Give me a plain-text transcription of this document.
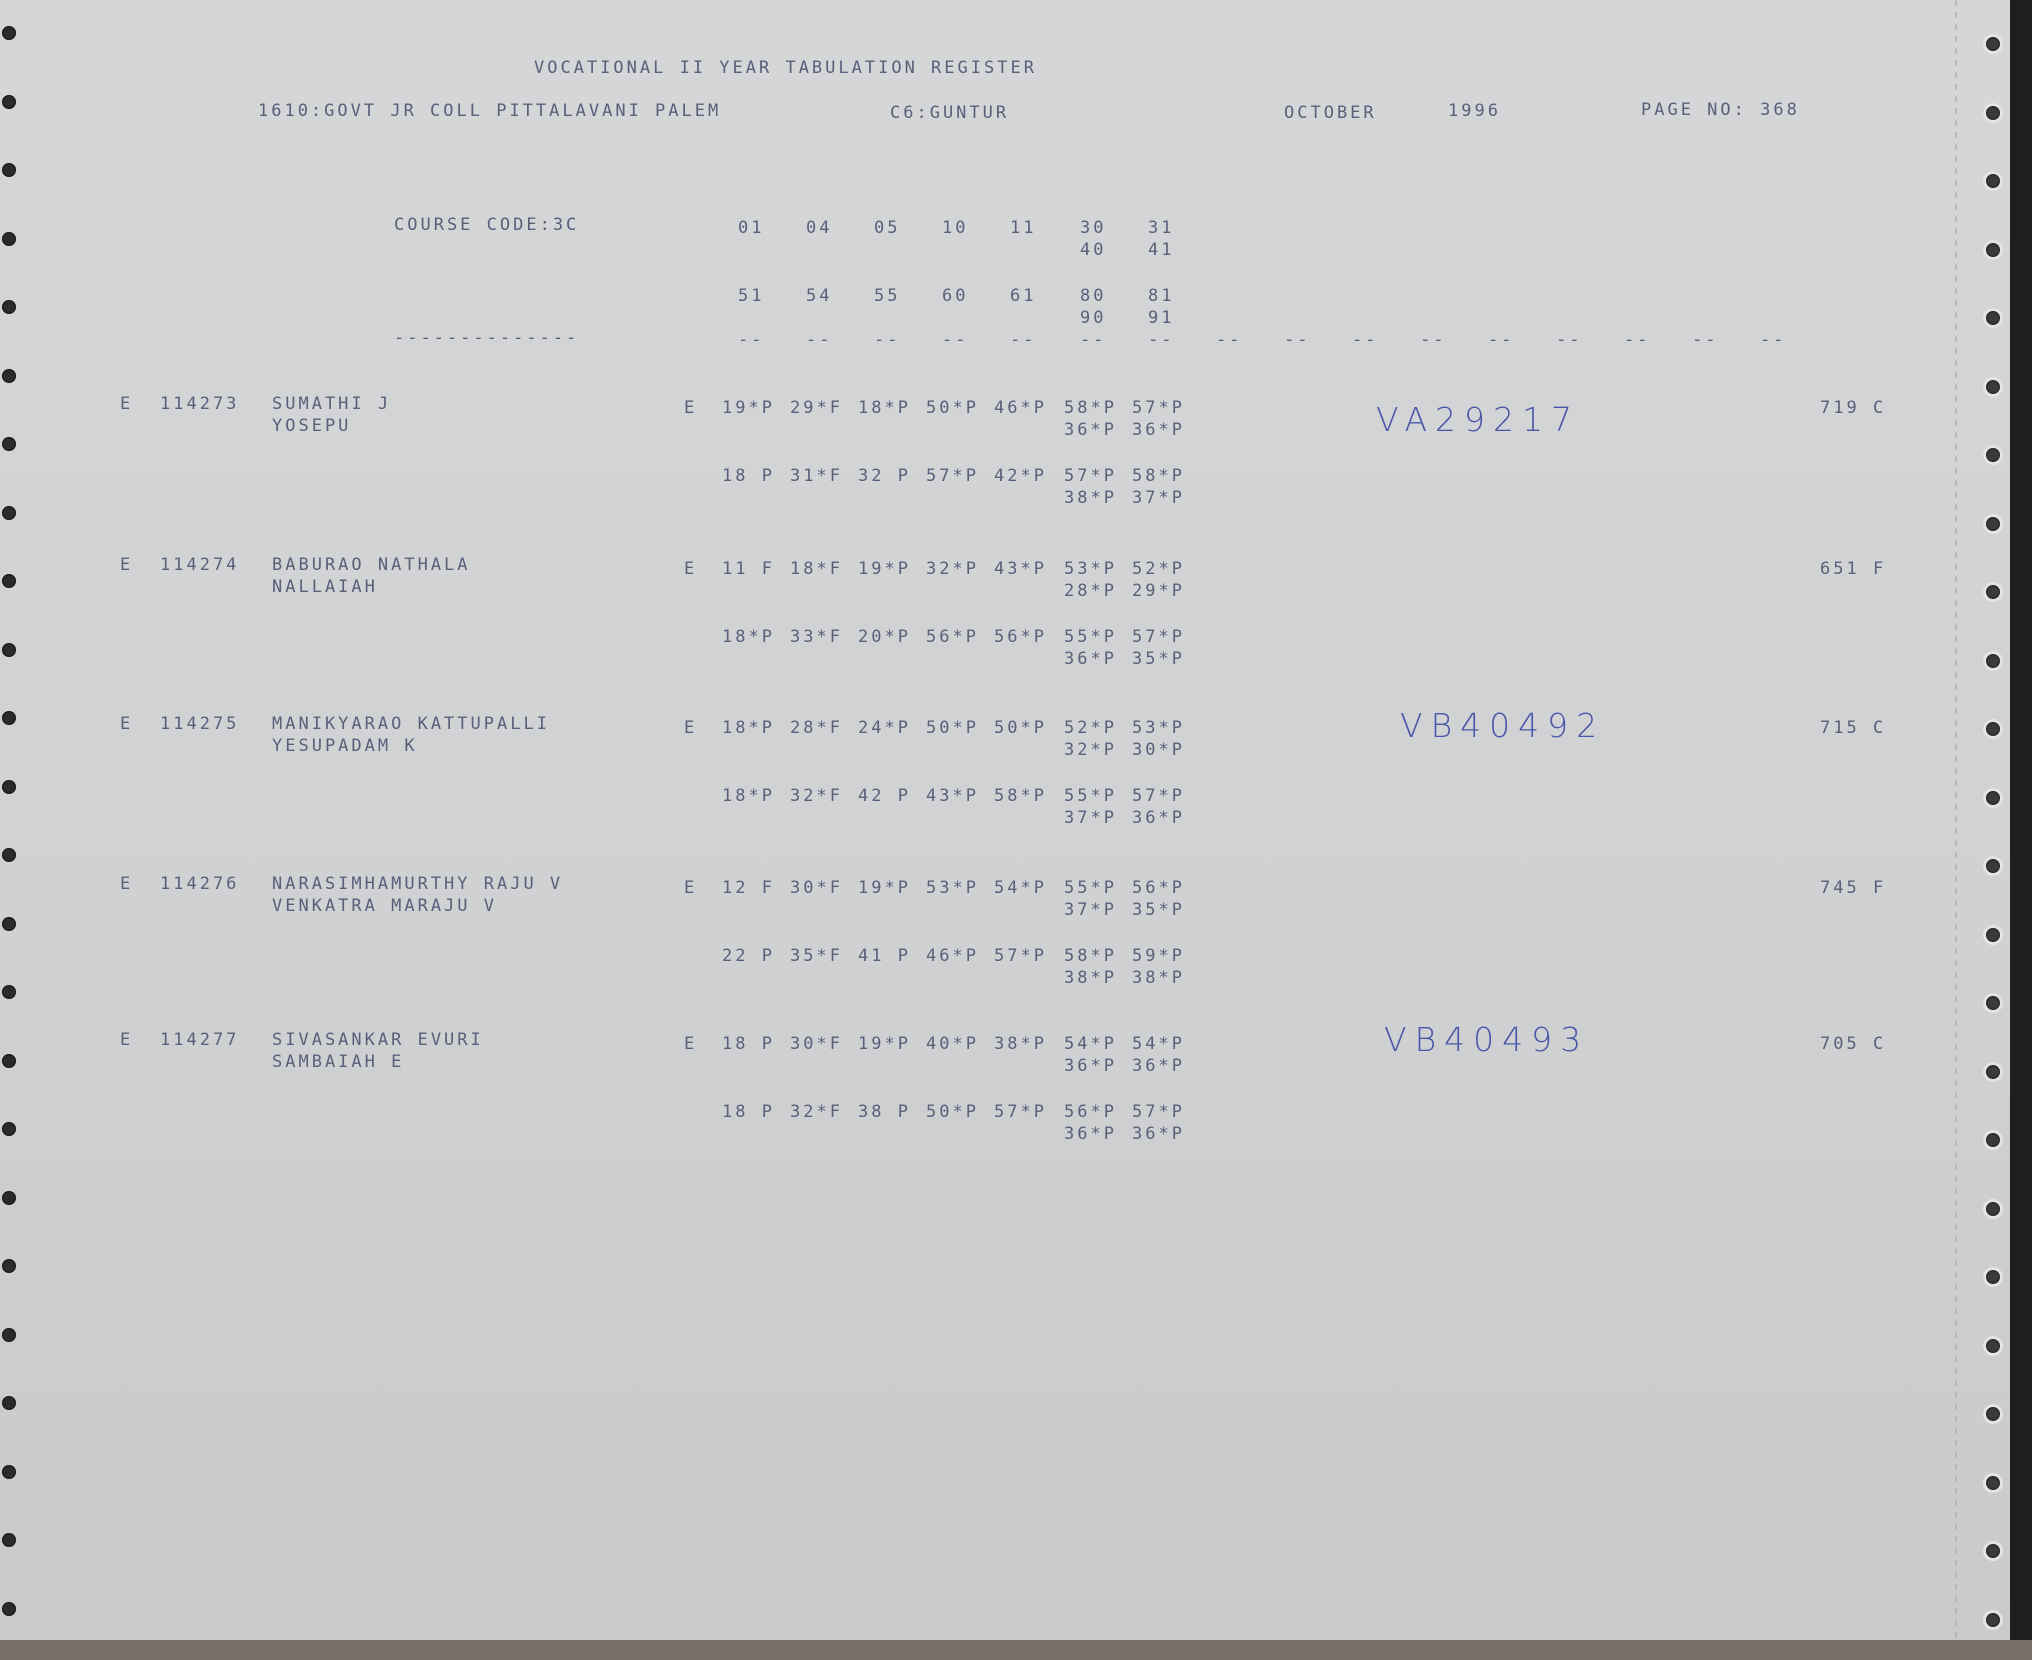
VOCATIONAL II YEAR TABULATION REGISTER
1610:GOVT JR COLL PITTALAVANI PALEM	C6:GUNTUR	OCTOBER	1996	PAGE NO: 368
COURSE CODE:3C
--------------
01 04 05 10 11	30 31
40 41
51 54 55 60 61	80 81
90 91
-- -- -- -- --	-- -- -- -- -- -- -- -- -- -- --
E 114273 SUMATHI J
YOSEPU
E 19*P 29*F 18*P 50*P 46*P 58*P 57*P
36*P 36*P
18 P 31*F 32 P 57*P 42*P 57*P 58*P
38*P 37*P
719 C
VA29217
E 114274 BABURAO NATHALA
NALLAIAH
E 11 F 18*F 19*P 32*P 43*P 53*P 52*P
28*P 29*P
18*P 33*F 20*P 56*P 56*P 55*P 57*P
36*P 35*P
651 F
E 114275 MANIKYARAO KATTUPALLI
YESUPADAM K
E 18*P 28*F 24*P 50*P 50*P 52*P 53*P
32*P 30*P
18*P 32*F 42 P 43*P 58*P 55*P 57*P
37*P 36*P
715 C
VB40492
E 114276 NARASIMHAMURTHY RAJU V
VENKATRA MARAJU V
E 12 F 30*F 19*P 53*P 54*P 55*P 56*P
37*P 35*P
22 P 35*F 41 P 46*P 57*P 58*P 59*P
38*P 38*P
745 F
E 114277 SIVASANKAR EVURI
SAMBAIAH E
E 18 P 30*F 19*P 40*P 38*P 54*P 54*P
36*P 36*P
18 P 32*F 38 P 50*P 57*P 56*P 57*P
36*P 36*P
705 C
VB40493
